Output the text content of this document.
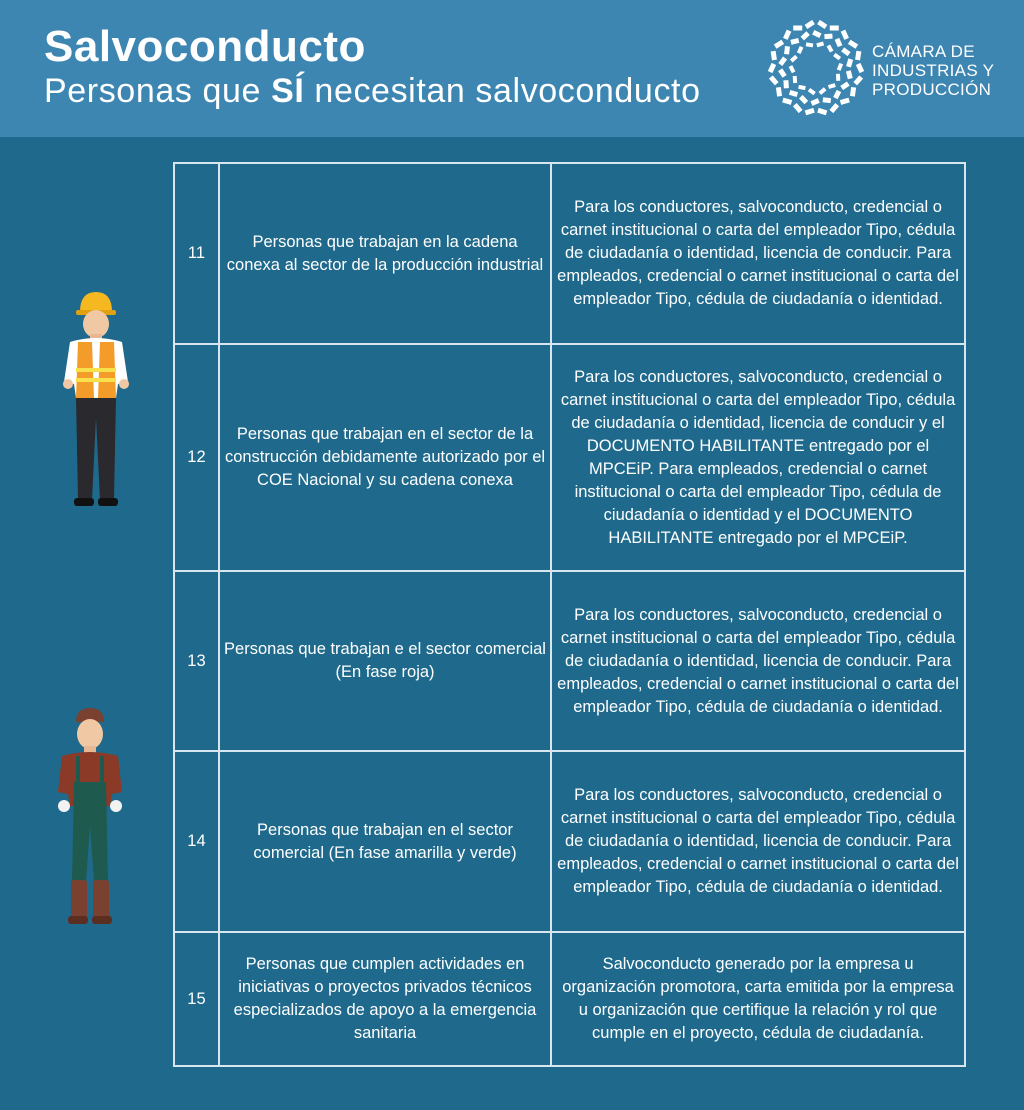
Salvoconducto
Personas que SÍ necesitan salvoconducto
CÁMARA DE
INDUSTRIAS Y
PRODUCCIÓN
11	Personas que trabajan en la cadena conexa al sector de la producción industrial	Para los conductores, salvoconducto, credencial o carnet institucional o carta del empleador Tipo, cédula de ciudadanía o identidad, licencia de conducir. Para empleados, credencial o carnet institucional o carta del empleador Tipo, cédula de ciudadanía o identidad.
12	Personas que trabajan en el sector de la construcción debidamente autorizado por el COE Nacional y su cadena conexa	Para los conductores, salvoconducto, credencial o carnet institucional o carta del empleador Tipo, cédula de ciudadanía o identidad, licencia de conducir y el DOCUMENTO HABILITANTE entregado por el MPCEiP. Para empleados, credencial o carnet institucional o carta del empleador Tipo, cédula de ciudadanía o identidad y el DOCUMENTO HABILITANTE entregado por el MPCEiP.
13	Personas que trabajan e el sector comercial (En fase roja)	Para los conductores, salvoconducto, credencial o carnet institucional o carta del empleador Tipo, cédula de ciudadanía o identidad, licencia de conducir. Para empleados, credencial o carnet institucional o carta del empleador Tipo, cédula de ciudadanía o identidad.
14	Personas que trabajan en el sector comercial (En fase amarilla y verde)	Para los conductores, salvoconducto, credencial o carnet institucional o carta del empleador Tipo, cédula de ciudadanía o identidad, licencia de conducir. Para empleados, credencial o carnet institucional o carta del empleador Tipo, cédula de ciudadanía o identidad.
15	Personas que cumplen actividades en iniciativas o proyectos privados técnicos especializados de apoyo a la emergencia sanitaria	Salvoconducto generado por la empresa u organización promotora, carta emitida por la empresa u organización que certifique la relación y rol que cumple en el proyecto, cédula de ciudadanía.
